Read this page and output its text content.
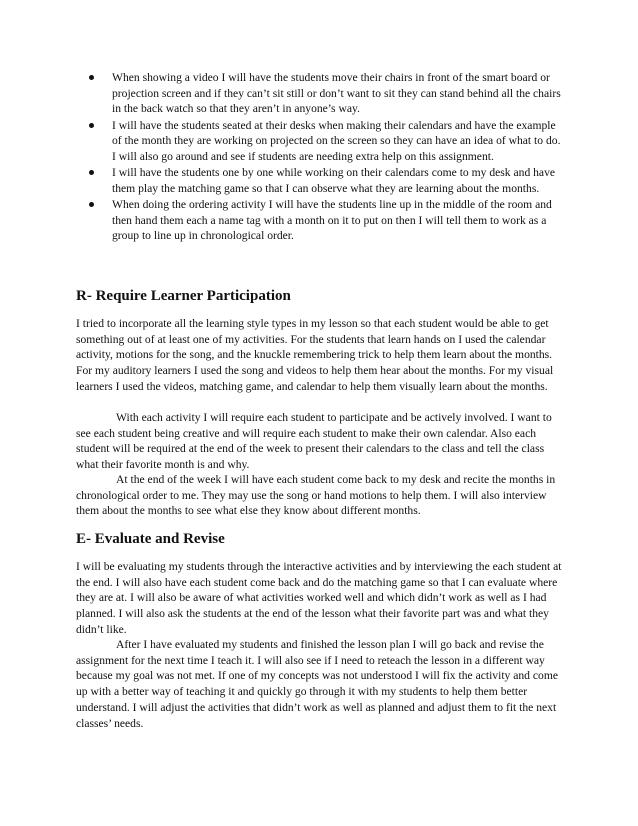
When showing a video I will have the students move their chairs in front of the smart board or projection screen and if they can’t sit still or don’t want to sit they can stand behind all the chairs in the back watch so that they aren’t in anyone’s way.
I will have the students seated at their desks when making their calendars and have the example of the month they are working on projected on the screen so they can have an idea of what to do. I will also go around and see if students are needing extra help on this assignment.
I will have the students one by one while working on their calendars come to my desk and have them play the matching game so that I can observe what they are learning about the months.
When doing the ordering activity I will have the students line up in the middle of the room and then hand them each a name tag with a month on it to put on then I will tell them to work as a group to line up in chronological order.
R- Require Learner Participation

I tried to incorporate all the learning style types in my lesson so that each student would be able to get something out of at least one of my activities. For the students that learn hands on I used the calendar activity, motions for the song, and the knuckle remembering trick to help them learn about the months. For my auditory learners I used the song and videos to help them hear about the months. For my visual learners I used the videos, matching game, and calendar to help them visually learn about the months.

With each activity I will require each student to participate and be actively involved. I want to see each student being creative and will require each student to make their own calendar. Also each student will be required at the end of the week to present their calendars to the class and tell the class what their favorite month is and why.

At the end of the week I will have each student come back to my desk and recite the months in chronological order to me. They may use the song or hand motions to help them. I will also interview them about the months to see what else they know about different months.

E- Evaluate and Revise

I will be evaluating my students through the interactive activities and by interviewing the each student at the end. I will also have each student come back and do the matching game so that I can evaluate where they are at. I will also be aware of what activities worked well and which didn’t work as well as I had planned. I will also ask the students at the end of the lesson what their favorite part was and what they didn’t like.

After I have evaluated my students and finished the lesson plan I will go back and revise the assignment for the next time I teach it. I will also see if I need to reteach the lesson in a different way because my goal was not met. If one of my concepts was not understood I will fix the activity and come up with a better way of teaching it and quickly go through it with my students to help them better understand. I will adjust the activities that didn’t work as well as planned and adjust them to fit the next classes’ needs.
